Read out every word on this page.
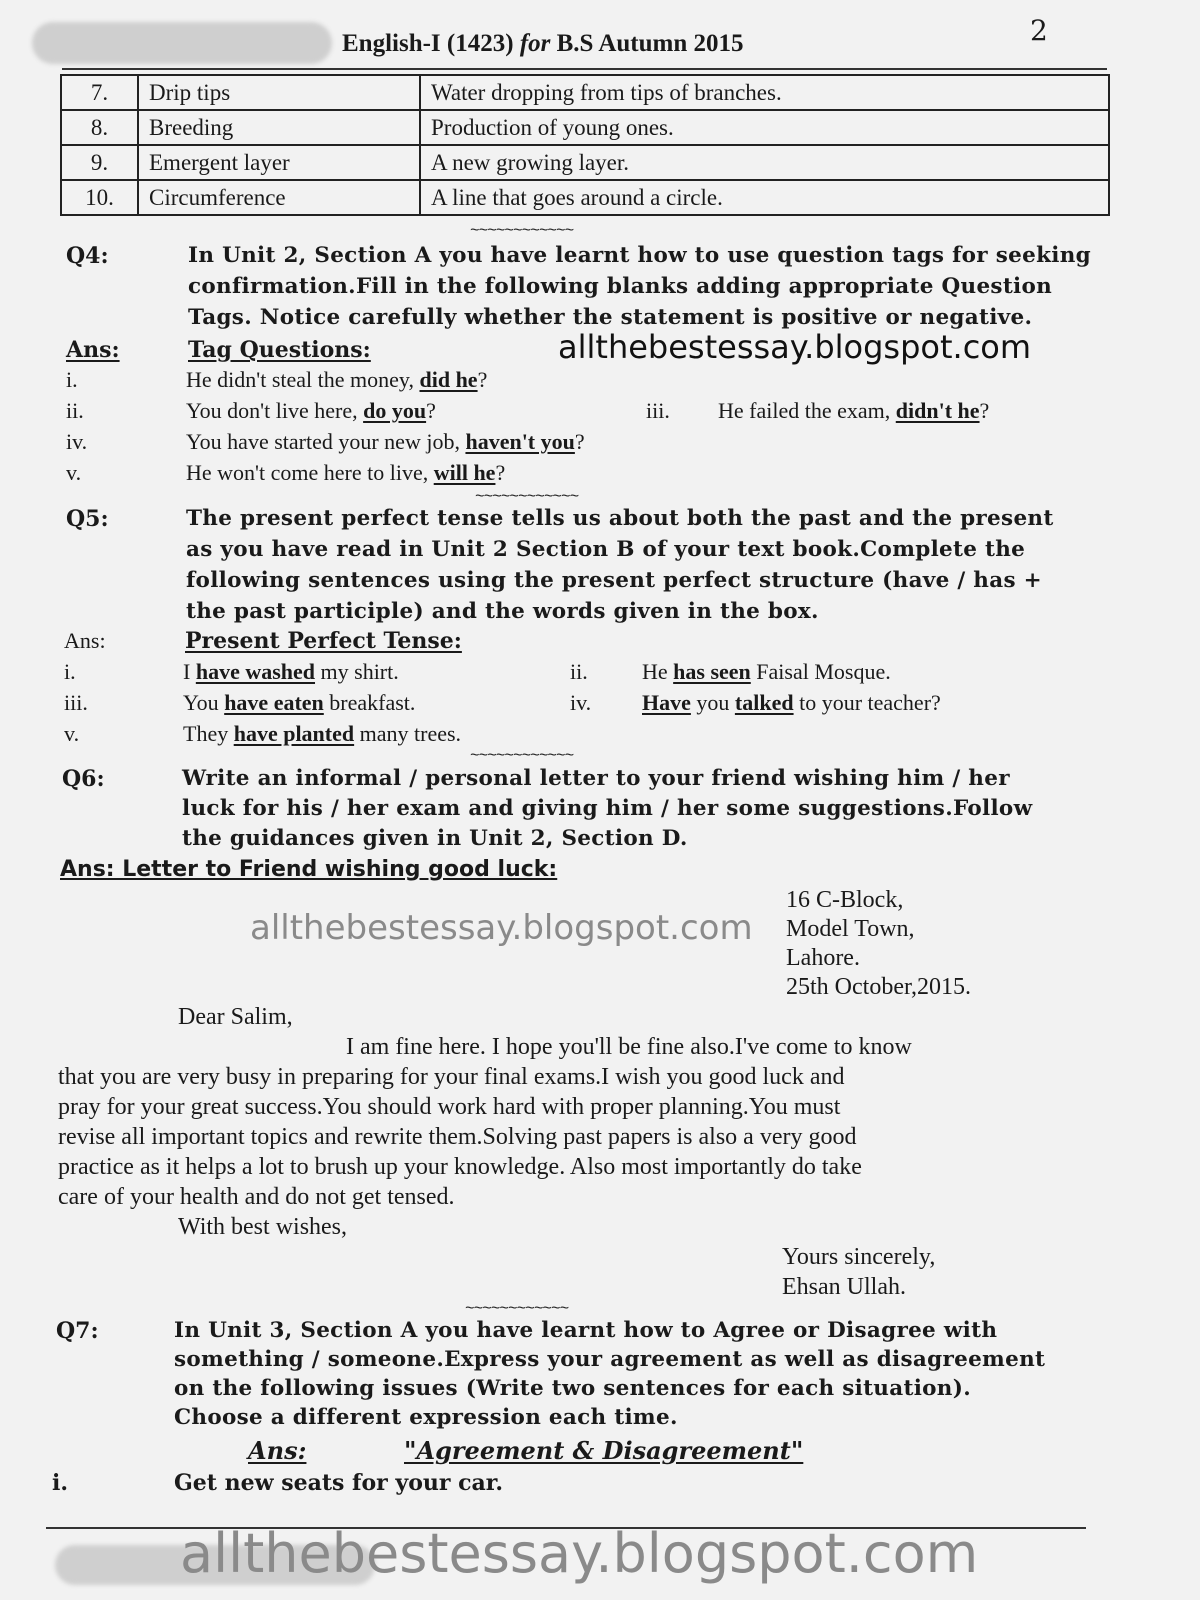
English-I (1423) for B.S Autumn 2015	2
7.	Drip tips	Water dropping from tips of branches.
8.	Breeding	Production of young ones.
9.	Emergent layer	A new growing layer.
10.	Circumference	A line that goes around a circle.
~~~~~~~~~~~~
Q4:	In Unit 2, Section A you have learnt how to use question tags for seeking
confirmation.Fill in the following blanks adding appropriate Question
Tags. Notice carefully whether the statement is positive or negative.
Ans:	Tag Questions:	allthebestessay.blogspot.com
i.	He didn't steal the money, did he?
ii.	You don't live here, do you?	iii. He failed the exam, didn't he?
iv.	You have started your new job, haven't you?
v.	He won't come here to live, will he?
~~~~~~~~~~~~
Q5:	The present perfect tense tells us about both the past and the present
as you have read in Unit 2 Section B of your text book.Complete the
following sentences using the present perfect structure (have / has +
the past participle) and the words given in the box.
Ans:	Present Perfect Tense:
i.	I have washed my shirt.	ii. He has seen Faisal Mosque.
iii.	You have eaten breakfast.	iv. Have you talked to your teacher?
v.	They have planted many trees.
~~~~~~~~~~~~
Q6:	Write an informal / personal letter to your friend wishing him / her
luck for his / her exam and giving him / her some suggestions.Follow
the guidances given in Unit 2, Section D.
Ans: Letter to Friend wishing good luck:
16 C-Block,
Model Town,
Lahore.
25th October,2015.
allthebestessay.blogspot.com
Dear Salim,
I am fine here. I hope you'll be fine also.I've come to know
that you are very busy in preparing for your final exams.I wish you good luck and
pray for your great success.You should work hard with proper planning.You must
revise all important topics and rewrite them.Solving past papers is also a very good
practice as it helps a lot to brush up your knowledge. Also most importantly do take
care of your health and do not get tensed.
With best wishes,
Yours sincerely,
Ehsan Ullah.
~~~~~~~~~~~~
Q7:	In Unit 3, Section A you have learnt how to Agree or Disagree with
something / someone.Express your agreement as well as disagreement
on the following issues (Write two sentences for each situation).
Choose a different expression each time.
Ans:	"Agreement & Disagreement"
i.	Get new seats for your car.
allthebestessay.blogspot.com
